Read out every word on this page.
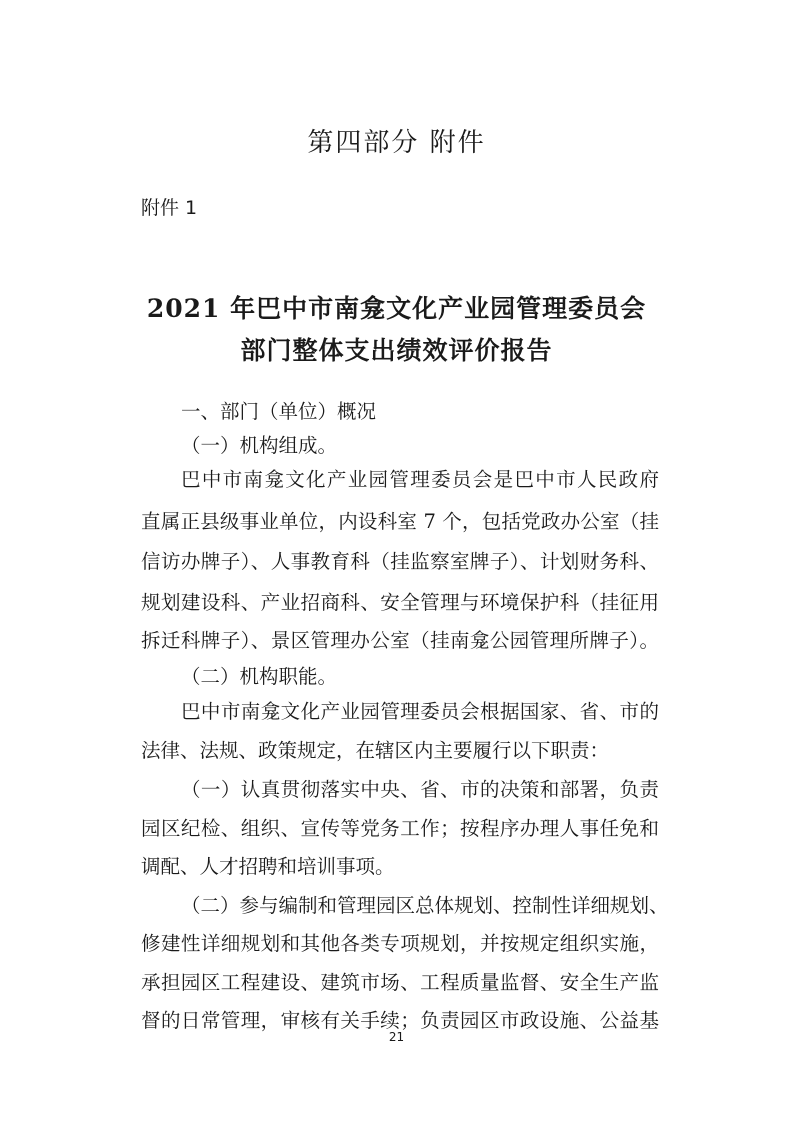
第四部分 附件
附件 1
2021 年巴中市南龛文化产业园管理委员会
部门整体支出绩效评价报告
一、部门（单位）概况
（一）机构组成。
巴中市南龛文化产业园管理委员会是巴中市人民政府
直属正县级事业单位，内设科室 7 个，包括党政办公室（挂
信访办牌子）、人事教育科（挂监察室牌子）、计划财务科、
规划建设科、产业招商科、安全管理与环境保护科（挂征用
拆迁科牌子）、景区管理办公室（挂南龛公园管理所牌子）。
（二）机构职能。
巴中市南龛文化产业园管理委员会根据国家、省、市的
法律、法规、政策规定，在辖区内主要履行以下职责：
（一）认真贯彻落实中央、省、市的决策和部署，负责
园区纪检、组织、宣传等党务工作；按程序办理人事任免和
调配、人才招聘和培训事项。
（二）参与编制和管理园区总体规划、控制性详细规划、
修建性详细规划和其他各类专项规划，并按规定组织实施，
承担园区工程建设、建筑市场、工程质量监督、安全生产监
督的日常管理，审核有关手续；负责园区市政设施、公益基
21
